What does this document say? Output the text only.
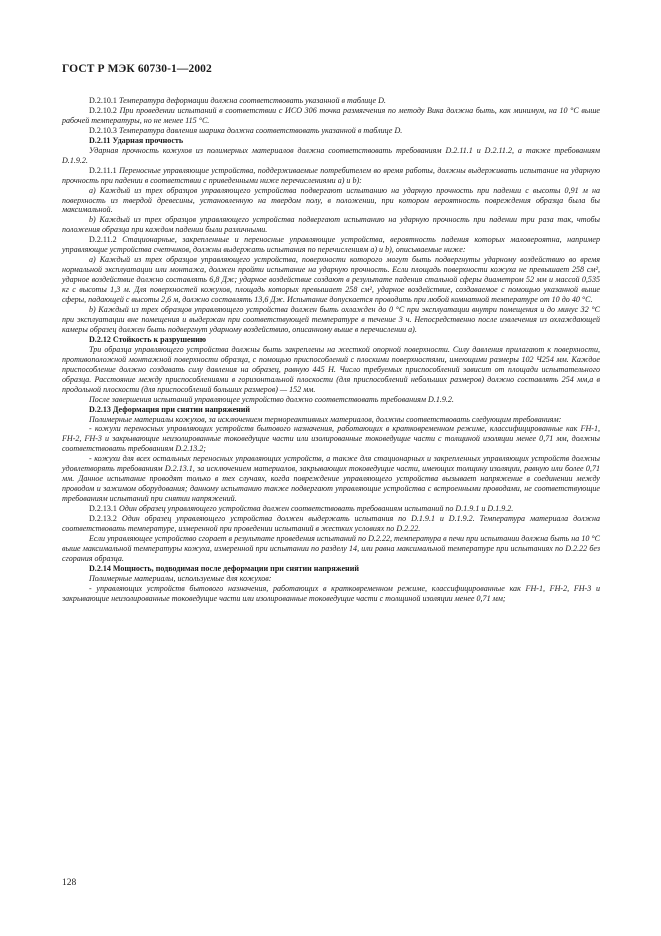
ГОСТ Р МЭК 60730-1—2002

D.2.10.1 Температура деформации должна соответствовать указанной в таблице D.

D.2.10.2 При проведении испытаний в соответствии с ИСО 306 точка размягчения по методу Вика должна быть, как минимум, на 10 °С выше рабочей температуры, но не менее 115 °С.

D.2.10.3 Температура давления шарика должна соответствовать указанной в таблице D.

D.2.11 Ударная прочность

Ударная прочность кожухов из полимерных материалов должна соответствовать требованиям D.2.11.1 и D.2.11.2, а также требованиям D.1.9.2.

D.2.11.1 Переносные управляющие устройства, поддерживаемые потребителем во время работы, должны выдерживать испытание на ударную прочность при падении в соответствии с приведенными ниже перечислениями а) и b):

а) Каждый из трех образцов управляющего устройства подвергают испытанию на ударную прочность при падении с высоты 0,91 м на поверхность из твердой древесины, установленную на твердом полу, в положении, при котором вероятность повреждения образца была бы максимальной.

b) Каждый из трех образцов управляющего устройства подвергают испытанию на ударную прочность при падении три раза так, чтобы положения образца при каждом падении были различными.

D.2.11.2 Стационарные, закрепленные и переносные управляющие устройства, вероятность падения которых маловероятна, например управляющие устройства счетчиков, должны выдержать испытания по перечислениям а) и b), описываемые ниже:

а) Каждый из трех образцов управляющего устройства, поверхности которого могут быть подвергнуты ударному воздействию во время нормальной эксплуатации или монтажа, должен пройти испытание на ударную прочность. Если площадь поверхности кожуха не превышает 258 см², ударное воздействие должно составлять 6,8 Дж; ударное воздействие создают в результате падения стальной сферы диаметром 52 мм и массой 0,535 кг с высоты 1,3 м. Для поверхностей кожухов, площадь которых превышает 258 см², ударное воздействие, создаваемое с помощью указанной выше сферы, падающей с высоты 2,6 м, должно составлять 13,6 Дж. Испытание допускается проводить при любой комнатной температуре от 10 до 40 °С.

b) Каждый из трех образцов управляющего устройства должен быть охлажден до 0 °С при эксплуатации внутри помещения и до минус 32 °С при эксплуатации вне помещения и выдержан при соответствующей температуре в течение 3 ч. Непосредственно после извлечения из охлаждающей камеры образец должен быть подвергнут ударному воздействию, описанному выше в перечислении а).

D.2.12 Стойкость к разрушению

Три образца управляющего устройства должны быть закреплены на жесткой опорной поверхности. Силу давления прилагают к поверхности, противоположной монтажной поверхности образца, с помощью приспособлений с плоскими поверхностями, имеющими размеры 102 Ч254 мм. Каждое приспособление должно создавать силу давления на образец, равную 445 Н. Число требуемых приспособлений зависит от площади испытательного образца. Расстояние между приспособлениями в горизонтальной плоскости (для приспособлений небольших размеров) должно составлять 254 мм,а в продольной плоскости (для приспособлений больших размеров) — 152 мм.

После завершения испытаний управляющее устройство должно соответствовать требованиям D.1.9.2.

D.2.13 Деформация при снятии напряжений

Полимерные материалы кожухов, за исключением термореактивных материалов, должны соответствовать следующим требованиям:

- кожухи переносных управляющих устройств бытового назначения, работающих в кратковременном режиме, классифицированные как FH-1, FH-2, FH-3 и закрывающие неизолированные токоведущие части или изолированные токоведущие части с толщиной изоляции менее 0,71 мм, должны соответствовать требованиям D.2.13.2;

- кожухи для всех остальных переносных управляющих устройств, а также для стационарных и закрепленных управляющих устройств должны удовлетворять требованиям D.2.13.1, за исключением материалов, закрывающих токоведущие части, имеющих толщину изоляции, равную или более 0,71 мм. Данное испытание проводят только в тех случаях, когда повреждение управляющего устройства вызывает напряжение в соединении между проводом и зажимом оборудования; данному испытанию также подвергают управляющие устройства с встроенными проводами, не соответствующие требованиям испытаний при снятии напряжений.

D.2.13.1 Один образец управляющего устройства должен соответствовать требованиям испытаний по D.1.9.1 и D.1.9.2.

D.2.13.2 Один образец управляющего устройства должен выдержать испытания по D.1.9.1 и D.1.9.2. Температура материала должна соответствовать температуре, измеренной при проведении испытаний в жестких условиях по D.2.22.

Если управляющее устройство сгорает в результате проведения испытаний по D.2.22, температура в печи при испытании должна быть на 10 °С выше максимальной температуры кожуха, измеренной при испытании по разделу 14, или равна максимальной температуре при испытаниях по D.2.22 без сгорания образца.

D.2.14 Мощность, подводимая после деформации при снятии напряжений

Полимерные материалы, используемые для кожухов:

- управляющих устройств бытового назначения, работающих в кратковременном режиме, классифицированные как FH-1, FH-2, FH-3 и закрывающие неизолированные токоведущие части или изолированные токоведущие части с толщиной изоляции менее 0,71 мм;

128
